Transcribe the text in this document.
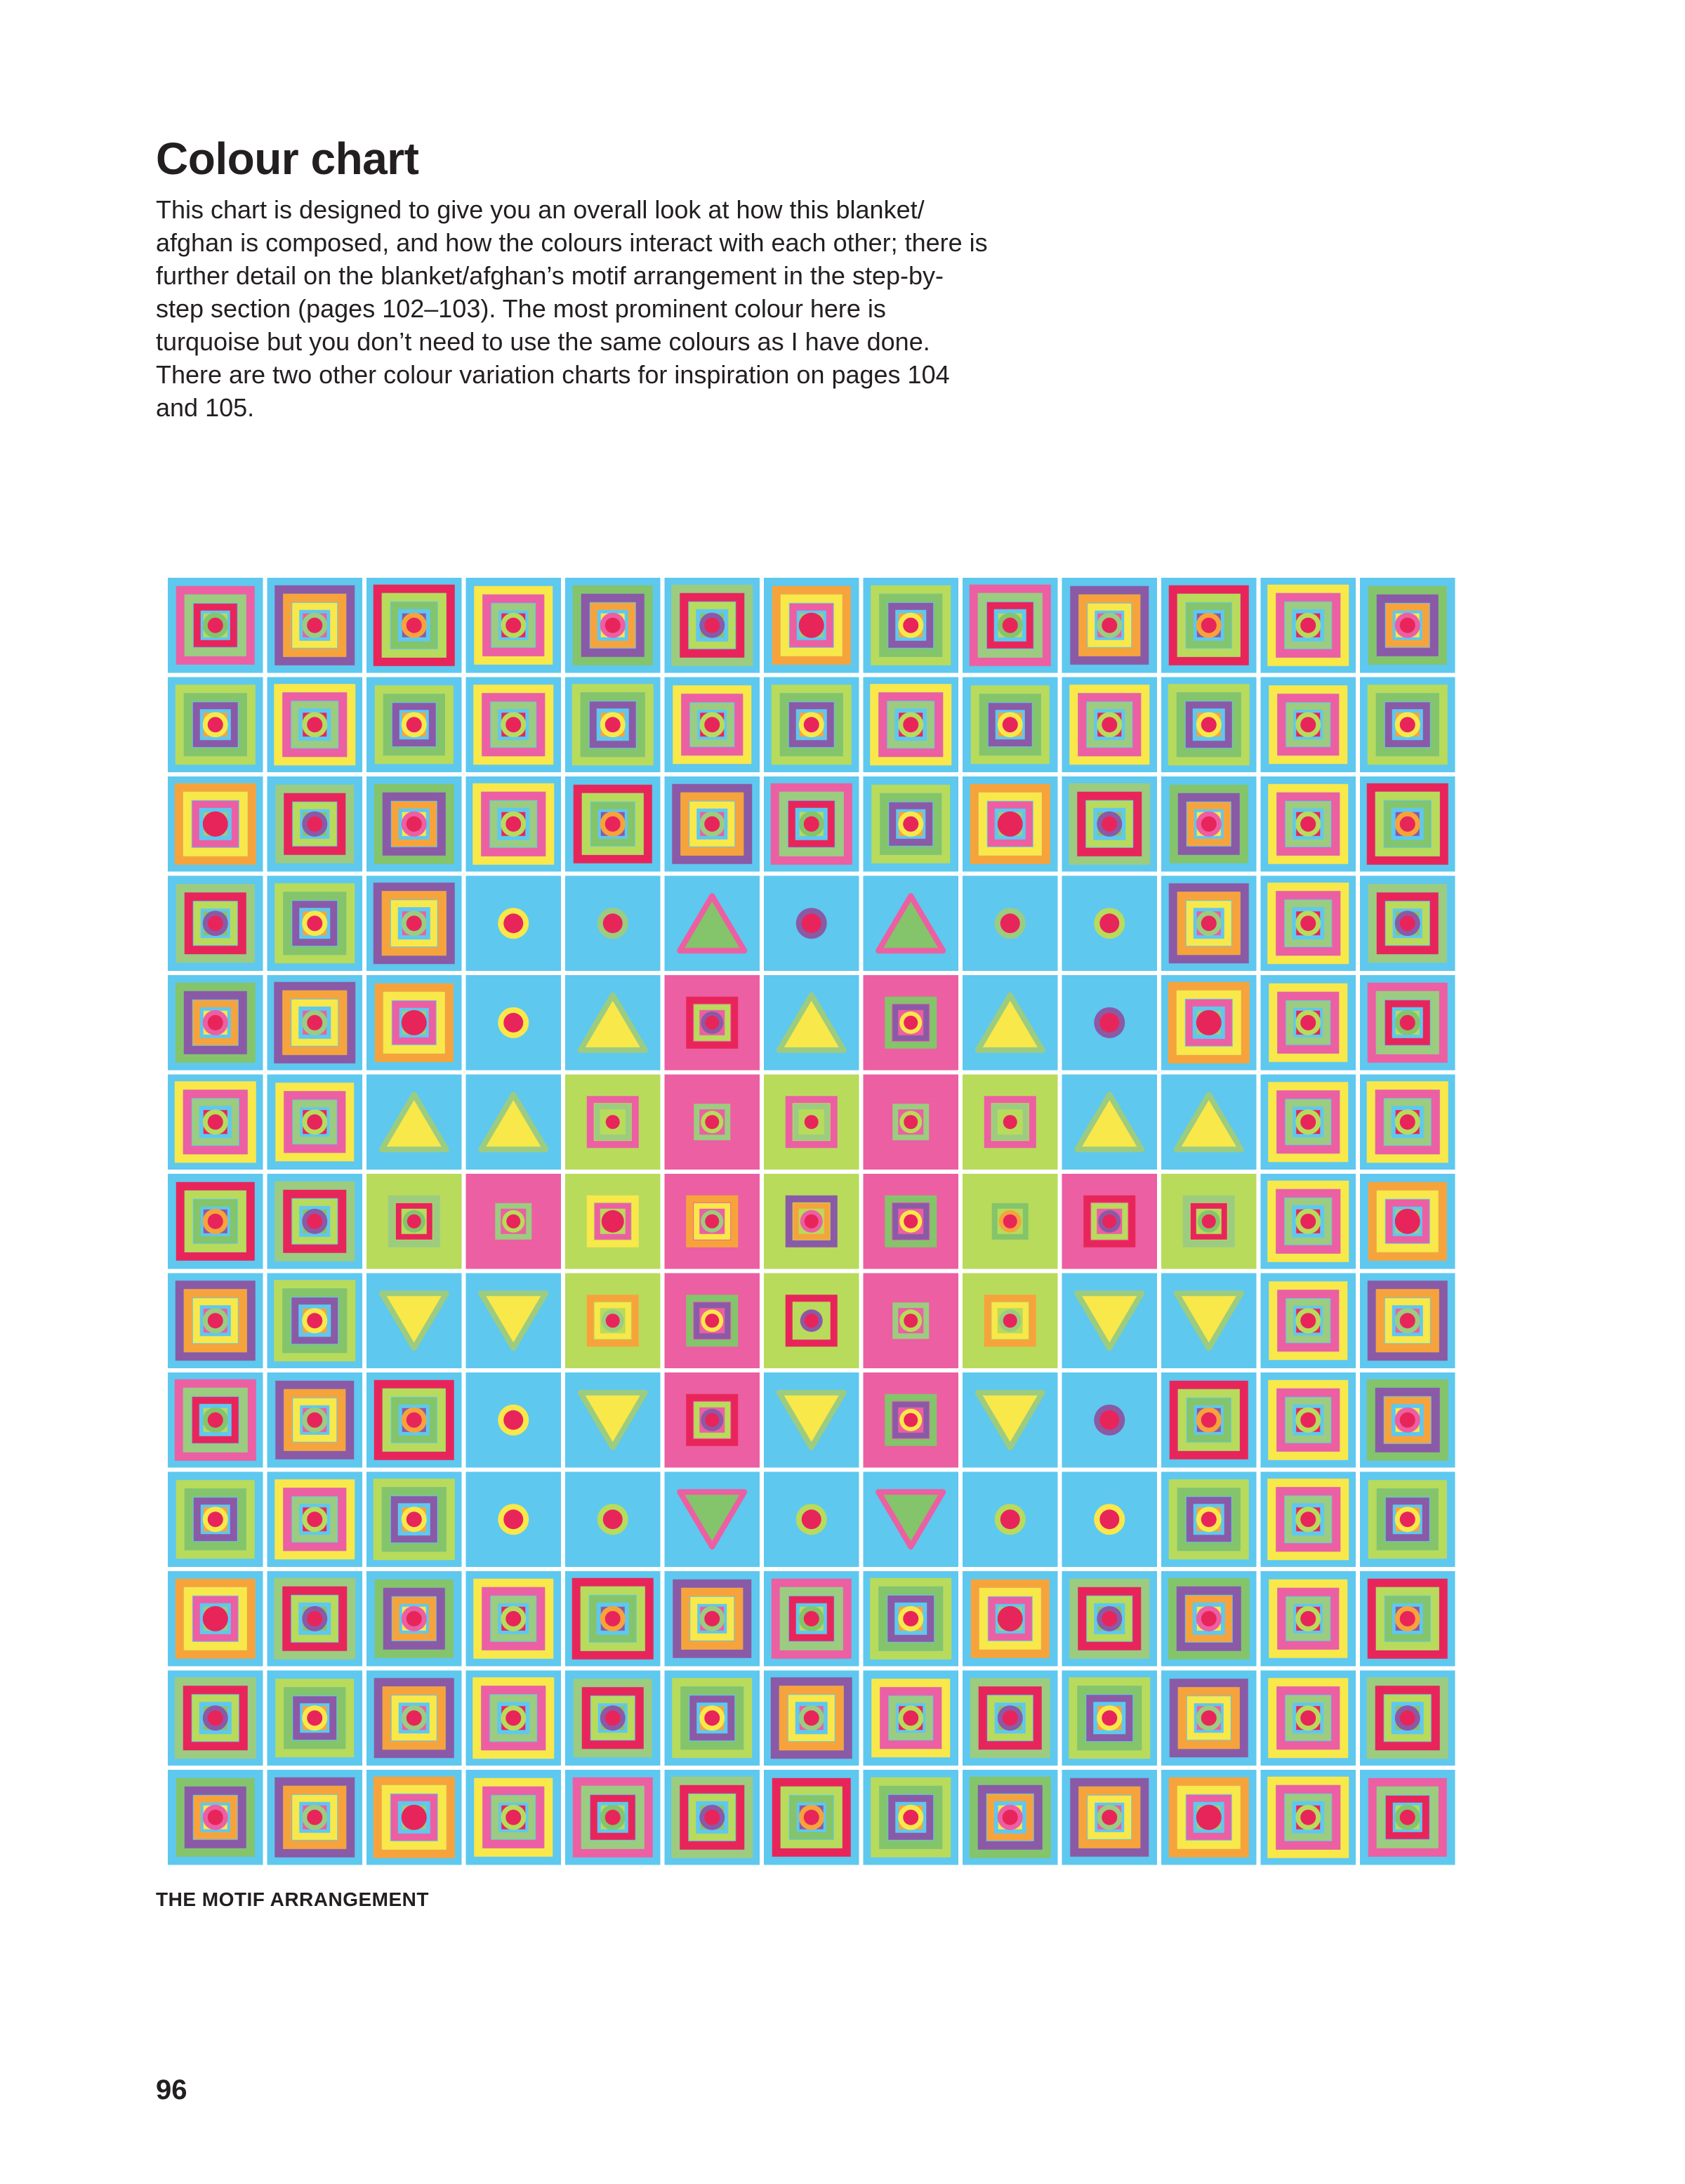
Colour chart

This chart is designed to give you an overall look at how this blanket/ afghan is composed, and how the colours interact with each other; there is further detail on the blanket/afghan’s motif arrangement in the step-by-step section (pages 102–103). The most prominent colour here is turquoise but you don’t need to use the same colours as I have done. There are two other colour variation charts for inspiration on pages 104 and 105.

THE MOTIF ARRANGEMENT

96
